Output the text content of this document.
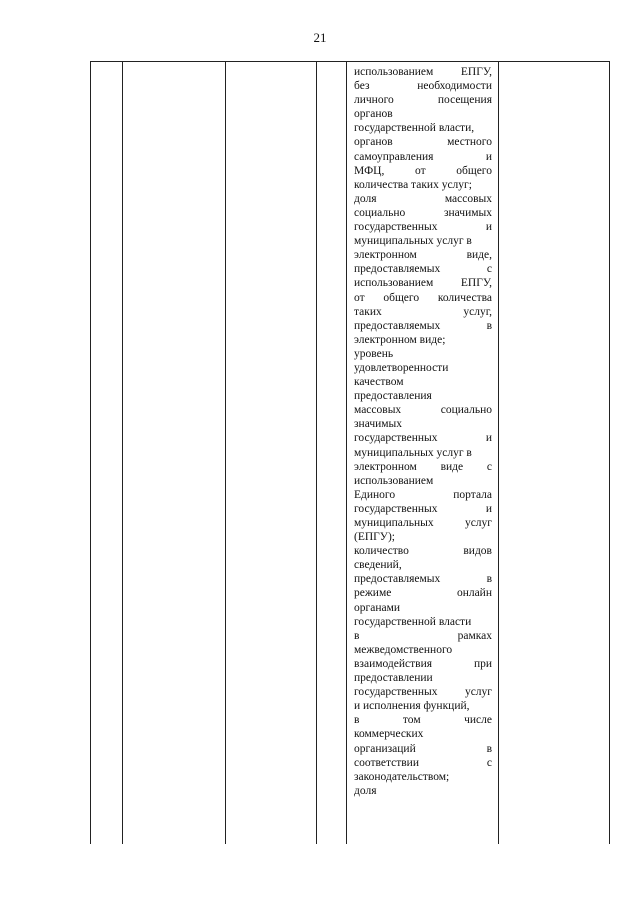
21
использованием ЕПГУ,
без	необходимости
личного	посещения
органов
государственной власти,
органов	местного
самоуправления	и
МФЦ,	от	общего
количества таких услуг;
доля	массовых
социально	значимых
государственных	и
муниципальных услуг в
электронном	виде,
предоставляемых	с
использованием ЕПГУ,
от общего количества
таких	услуг,
предоставляемых	в
электронном виде;
уровень
удовлетворенности
качеством
предоставления
массовых	социально
значимых
государственных	и
муниципальных услуг в
электронном виде с
использованием
Единого	портала
государственных	и
муниципальных	услуг
(ЕПГУ);
количество	видов
сведений,
предоставляемых	в
режиме	онлайн
органами
государственной власти
в	рамках
межведомственного
взаимодействия	при
предоставлении
государственных услуг
и исполнения функций,
в	том	числе
коммерческих
организаций	в
соответствии	с
законодательством;
доля
